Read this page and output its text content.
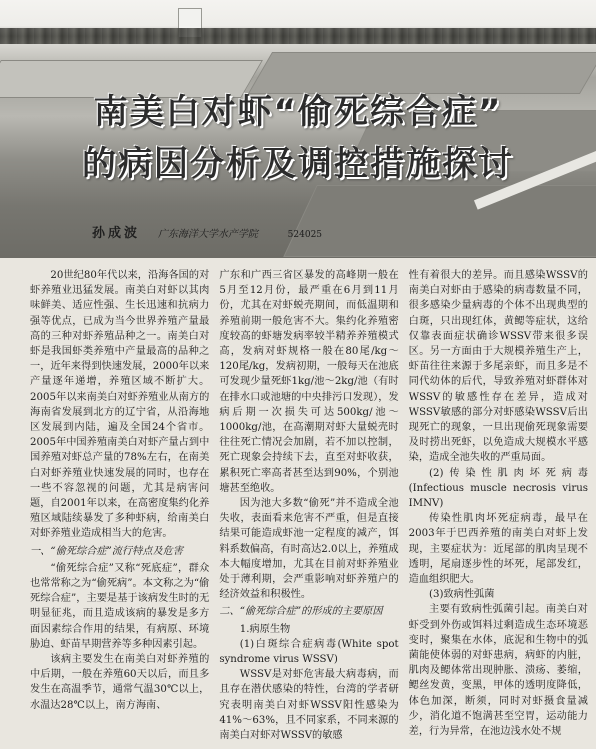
南美白对虾“偷死综合症”
的病因分析及调控措施探讨
孙成波 广东海洋大学水产学院	524025

20世纪80年代以来，沿海各国的对虾养殖业迅猛发展。南美白对虾以其肉味鲜美、适应性强、生长迅速和抗病力强等优点，已成为当今世界养殖产量最高的三种对虾养殖品种之一。南美白对虾是我国虾类养殖中产量最高的品种之一，近年来得到快速发展，2000年以来产量逐年递增，养殖区域不断扩大。2005年以来南美白对虾养殖业从南方的海南省发展到北方的辽宁省，从沿海地区发展到内陆，遍及全国24个省市。2005年中国养殖南美白对虾产量占到中国养殖对虾总产量的78%左右，在南美白对虾养殖业快速发展的同时，也存在一些不容忽视的问题，尤其是病害问题，自2001年以来，在高密度集约化养殖区域陆续暴发了多种虾病，给南美白对虾养殖业造成相当大的危害。

一、“偷死综合症”流行特点及危害

“偷死综合症”又称“死底症”，群众也常常称之为“偷死病”。本文称之为“偷死综合症”，主要是基于该病发生时的无明显征兆，而且造成该病的暴发是多方面因素综合作用的结果，有病原、环境胁迫、虾苗早期营养等多种因素引起。

该病主要发生在南美白对虾养殖的中后期，一般在养殖60天以后，而且多发生在高温季节，通常气温30℃以上，水温达28℃以上，南方海南、

广东和广西三省区暴发的高峰期一般在5月至12月份，最严重在6月到11月份，尤其在对虾蜕壳期间，而低温期和养殖前期一般危害不大。集约化养殖密度较高的虾塘发病率较半精养养殖模式高，发病对虾规格一般在80尾/kg～120尾/kg，发病初期，一般每天在池底可发现少量死虾1kg/池～2kg/池（有时在排水口或池塘的中央排污口发现），发病后期一次损失可达500kg/池～1000kg/池，在高潮期对虾大量蜕壳时往往死亡情况会加剧，若不加以控制，死亡现象会持续下去，直至对虾收获，累积死亡率高者甚至达到90%，个别池塘甚至绝收。

因为池大多数“偷死”并不造成全池失收，表面看来危害不严重，但是直接结果可能造成虾池一定程度的减产，饵料系数偏高，有时高达2.0以上，养殖成本大幅度增加，尤其在目前对虾养殖业处于薄利期，会严重影响对虾养殖户的经济效益和积极性。

二、“偷死综合症”的形成的主要原因

1.病原生物

(1)白斑综合症病毒(White spot syndrome virus WSSV)

WSSV是对虾危害最大病毒病，而且存在潜伏感染的特性，台湾的学者研究表明南美白对虾WSSV阳性感染为41%～63%，且不同家系，不同来源的南美白对虾对WSSV的敏感

性有着很大的差异。而且感染WSSV的南美白对虾由于感染的病毒数量不同，很多感染少量病毒的个体不出现典型的白斑，只出现红体，黄鳃等症状，这给仅靠表面症状确诊WSSV带来很多误区。另一方面由于大规模养殖生产上，虾苗往往来源于多尾亲虾，而且多是不同代幼体的后代，导致养殖对虾群体对WSSV的敏感性存在差异，造成对WSSV敏感的部分对虾感染WSSV后出现死亡的现象，一旦出现偷死现象需要及时捞出死虾，以免造成大规模水平感染，造成全池失收的严重局面。

(2)传染性肌肉坏死病毒(Infectious muscle necrosis virus IMNV)

传染性肌肉坏死症病毒，最早在2003年于巴西养殖的南美白对虾上发现，主要症状为：近尾部的肌肉呈现不透明，尾扇逐步性的坏死，尾部发红，造血组织肥大。

(3)致病性弧菌

主要有致病性弧菌引起。南美白对虾受到外伤或饵料过剩造成生态环境恶变时，聚集在水体，底泥和生物中的弧菌能使体弱的对虾患病，病虾的内脏，肌肉及鳃体常出现肿胀、溃疡、萎缩，鳃丝发黄，变黑，甲体的透明度降低，体色加深，断须，同时对虾摄食量减少，消化道不饱满甚至空胃，运动能力差，行为异常，在池边浅水处不规
